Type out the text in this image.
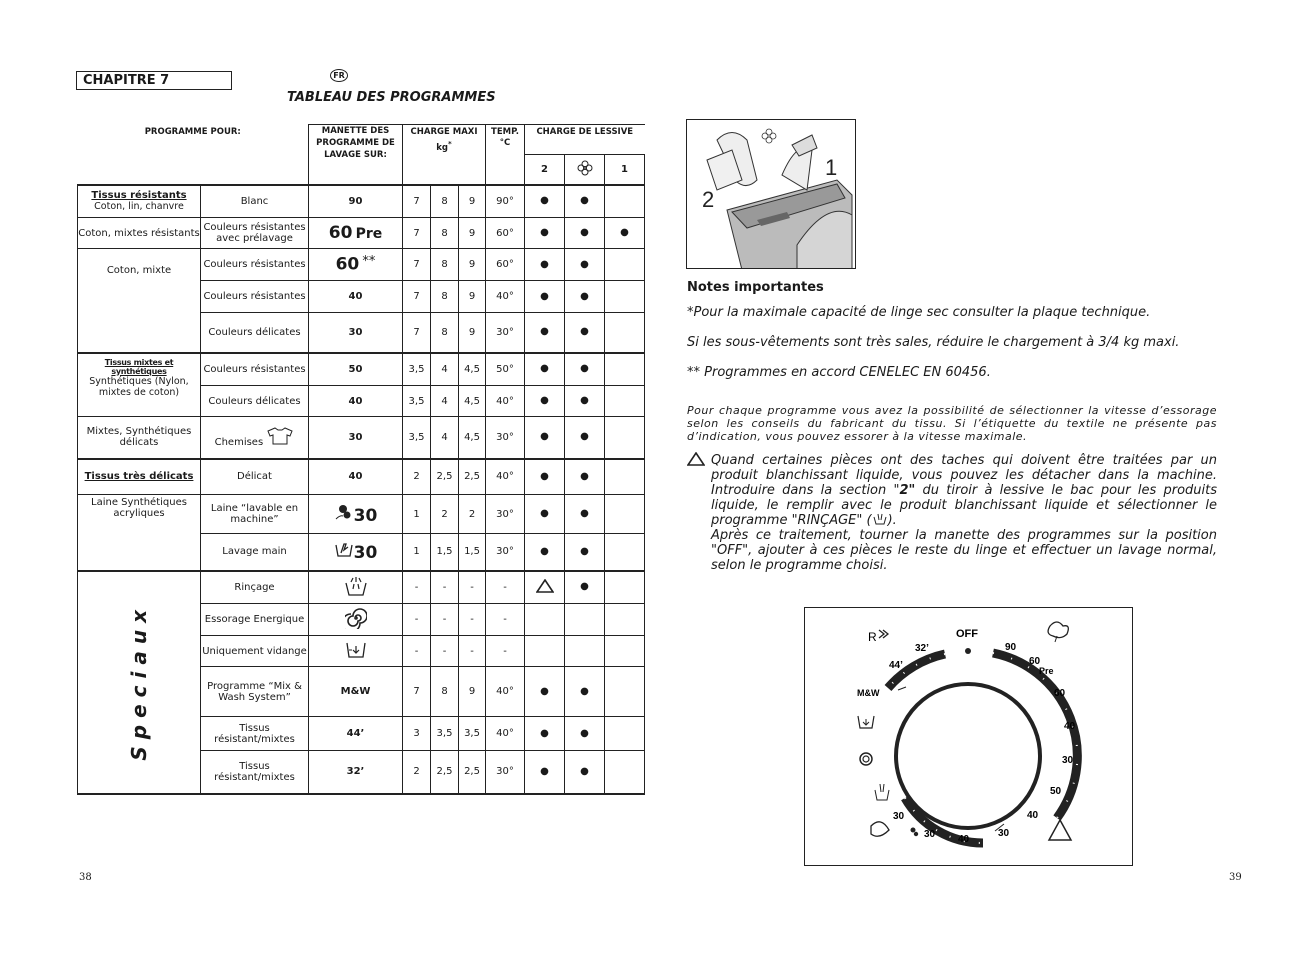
CHAPITRE 7	FR
TABLEAU DES PROGRAMMES
PROGRAMME POUR:		MANETTE DES PROGRAMME DE LAVAGE SUR:	CHARGE MAXI kg*			TEMP. °C	CHARGE DE LESSIVE		
							2		1

Tissus résistants
Coton, lin, chanvre	Blanc	90	7	8	9	90°	●	●	
Coton, mixtes résistants	Couleurs résistantes avec prélavage	60 Pre	7	8	9	60°	●	●	●
Coton, mixte	Couleurs résistantes	60 **	7	8	9	60°	●	●	
	Couleurs résistantes	40	7	8	9	40°	●	●	
	Couleurs délicates	30	7	8	9	30°	●	●	

Tissus mixtes et synthétiques
Synthétiques (Nylon, mixtes de coton)	Couleurs résistantes	50	3,5	4	4,5	50°	●	●	
	Couleurs délicates	40	3,5	4	4,5	40°	●	●	
Mixtes, Synthétiques délicats	Chemises	30	3,5	4	4,5	30°	●	●	
Tissus très délicats	Délicat	40	2	2,5	2,5	40°	●	●	
Laine Synthétiques acryliques	Laine “lavable en machine”	30	1	2	2	30°	●	●	
	Lavage main	30	1	1,5	1,5	30°	●	●	

Speciaux	Rinçage		-	-	-	-		●	
	Essorage Energique		-	-	-	-			
	Uniquement vidange		-	-	-	-			
	Programme “Mix & Wash System”	M&W	7	8	9	40°	●	●	
	Tissus résistant/mixtes	44’	3	3,5	3,5	40°	●	●	
	Tissus résistant/mixtes	32’	2	2,5	2,5	30°	●	●	
38	39
1
2
Notes importantes
*Pour la maximale capacité de linge sec consulter la plaque technique.
Si les sous-vêtements sont très sales, réduire le chargement à 3/4 kg maxi.
** Programmes en accord CENELEC EN 60456.
Pour chaque programme vous avez la possibilité de sélectionner la vitesse d’essorage selon les conseils du fabricant du tissu. Si l’étiquette du textile ne présente pas d’indication, vous pouvez essorer à la vitesse maximale.
Quand certaines pièces ont des taches qui doivent être traitées par un produit blanchissant liquide, vous pouvez les détacher dans la machine. Introduire dans la section "2" du tiroir à lessive le bac pour les produits liquide, le remplir avec le produit blanchissant liquide et sélectionner le programme "RINÇAGE" ( ).
Après ce traitement, tourner la manette des programmes sur la position "OFF", ajouter à ces pièces le reste du linge et effectuer un lavage normal, selon le programme choisi.
OFF
90
60
Pre
60
40
30
50
40
30
40
30
30
M&W
44’
32’
R
